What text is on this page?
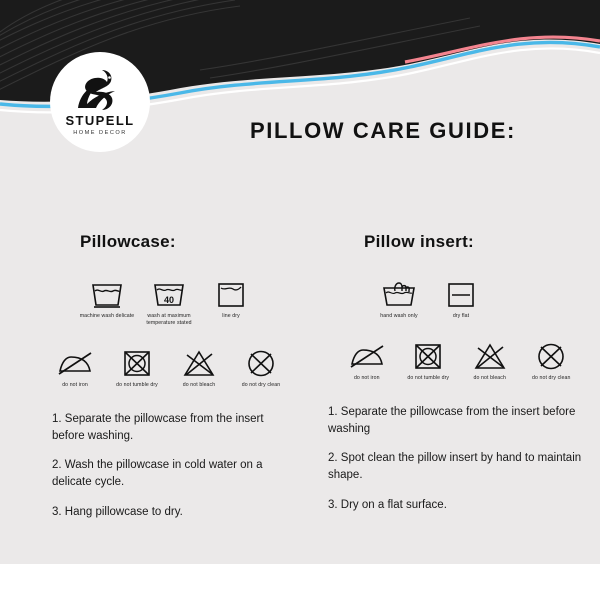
STUPELL
HOME DECOR	PILLOW CARE GUIDE:
Pillowcase:
machine wash delicate
40
wash at maximum temperature stated
line dry
do not iron	do not tumble dry	do not bleach	do not dry clean
1. Separate the pillowcase from the insert before washing.
2. Wash the pillowcase in cold water on a delicate cycle.
3. Hang pillowcase to dry.
Pillow insert:
hand wash only	dry flat
do not iron	do not tumble dry	do not bleach	do not dry clean
1. Separate the pillowcase from the insert before washing
2. Spot clean the pillow insert by hand to maintain shape.
3. Dry on a flat surface.
